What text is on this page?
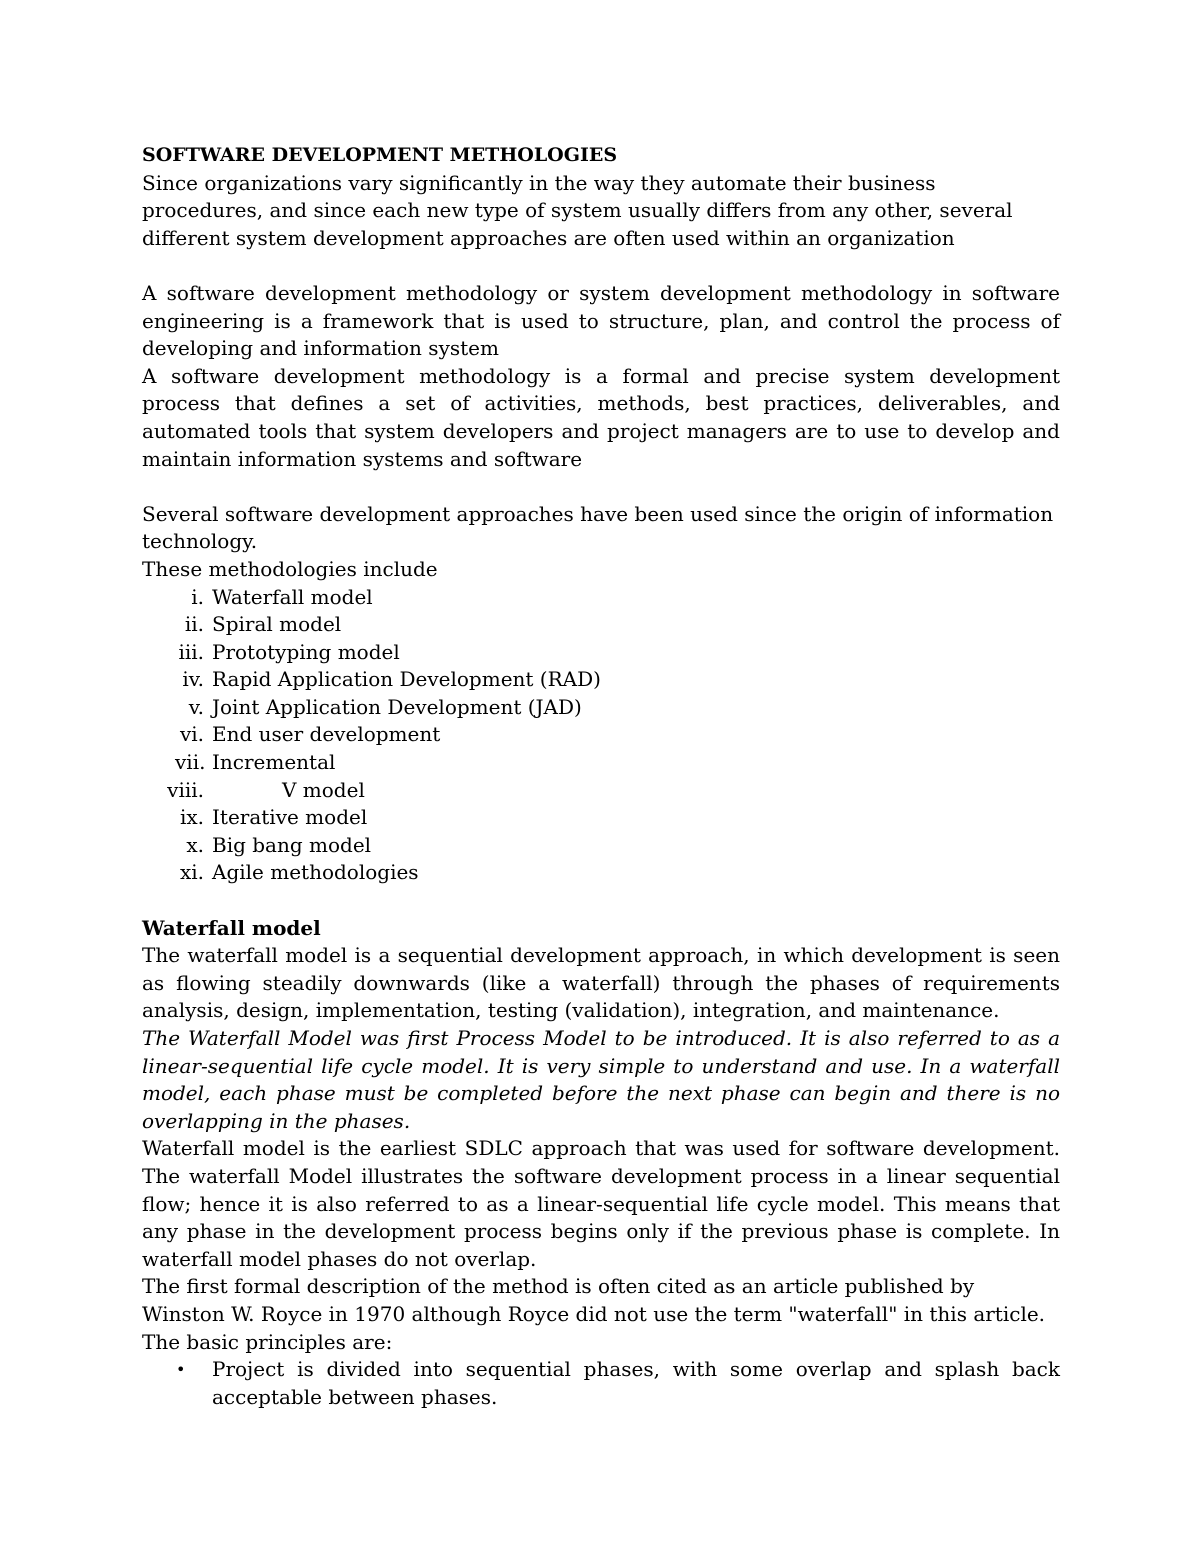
SOFTWARE DEVELOPMENT METHOLOGIES

Since organizations vary significantly in the way they automate their business procedures, and since each new type of system usually differs from any other, several different system development approaches are often used within an organization

A software development methodology or system development methodology in software engineering is a framework that is used to structure, plan, and control the process of developing and information system

A software development methodology is a formal and precise system development process that defines a set of activities, methods, best practices, deliverables, and automated tools that system developers and project managers are to use to develop and maintain information systems and software

Several software development approaches have been used since the origin of information technology.

These methodologies include

i. Waterfall model
ii. Spiral model
iii. Prototyping model
iv. Rapid Application Development (RAD)
v. Joint Application Development (JAD)
vi. End user development
vii. Incremental
viii.	V model
ix. Iterative model
x. Big bang model
xi. Agile methodologies

Waterfall model

The waterfall model is a sequential development approach, in which development is seen as flowing steadily downwards (like a waterfall) through the phases of requirements analysis, design, implementation, testing (validation), integration, and maintenance.

The Waterfall Model was first Process Model to be introduced. It is also referred to as a linear-sequential life cycle model. It is very simple to understand and use. In a waterfall model, each phase must be completed before the next phase can begin and there is no overlapping in the phases.

Waterfall model is the earliest SDLC approach that was used for software development. The waterfall Model illustrates the software development process in a linear sequential flow; hence it is also referred to as a linear-sequential life cycle model. This means that any phase in the development process begins only if the previous phase is complete. In waterfall model phases do not overlap.

The first formal description of the method is often cited as an article published by Winston W. Royce in 1970 although Royce did not use the term "waterfall" in this article.

The basic principles are:

• Project is divided into sequential phases, with some overlap and splash back acceptable between phases.
